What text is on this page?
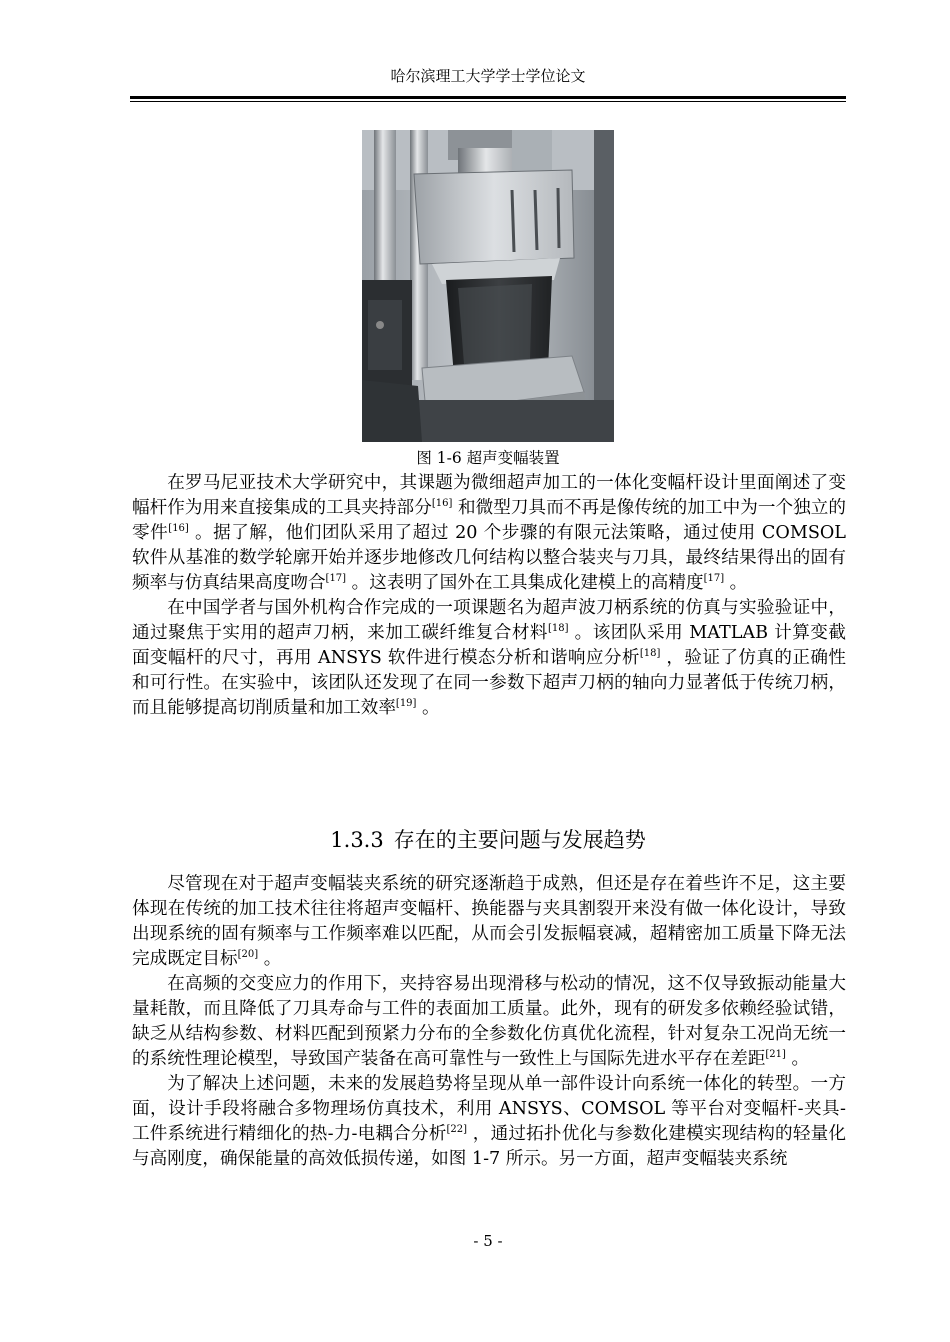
哈尔滨理工大学学士学位论文
图 1-6 超声变幅装置

在罗马尼亚技术大学研究中，其课题为微细超声加工的一体化变幅杆设计里面阐述了变幅杆作为用来直接集成的工具夹持部分[16] 和微型刀具而不再是像传统的加工中为一个独立的零件[16] 。据了解，他们团队采用了超过 20 个步骤的有限元法策略，通过使用 COMSOL 软件从基准的数学轮廓开始并逐步地修改几何结构以整合装夹与刀具，最终结果得出的固有频率与仿真结果高度吻合[17] 。这表明了国外在工具集成化建模上的高精度[17] 。

在中国学者与国外机构合作完成的一项课题名为超声波刀柄系统的仿真与实验验证中，通过聚焦于实用的超声刀柄，来加工碳纤维复合材料[18] 。该团队采用 MATLAB 计算变截面变幅杆的尺寸，再用 ANSYS 软件进行模态分析和谐响应分析[18] ，验证了仿真的正确性和可行性。在实验中，该团队还发现了在同一参数下超声刀柄的轴向力显著低于传统刀柄，而且能够提高切削质量和加工效率[19] 。

1.3.3 存在的主要问题与发展趋势

尽管现在对于超声变幅装夹系统的研究逐渐趋于成熟，但还是存在着些许不足，这主要体现在传统的加工技术往往将超声变幅杆、换能器与夹具割裂开来没有做一体化设计，导致出现系统的固有频率与工作频率难以匹配，从而会引发振幅衰减，超精密加工质量下降无法完成既定目标[20] 。

在高频的交变应力的作用下，夹持容易出现滑移与松动的情况，这不仅导致振动能量大量耗散，而且降低了刀具寿命与工件的表面加工质量。此外，现有的研发多依赖经验试错，缺乏从结构参数、材料匹配到预紧力分布的全参数化仿真优化流程，针对复杂工况尚无统一的系统性理论模型，导致国产装备在高可靠性与一致性上与国际先进水平存在差距[21] 。

为了解决上述问题，未来的发展趋势将呈现从单一部件设计向系统一体化的转型。一方面，设计手段将融合多物理场仿真技术，利用 ANSYS、COMSOL 等平台对变幅杆-夹具-工件系统进行精细化的热-力-电耦合分析[22] ，通过拓扑优化与参数化建模实现结构的轻量化与高刚度，确保能量的高效低损传递，如图 1-7 所示。另一方面，超声变幅装夹系统

- 5 -
